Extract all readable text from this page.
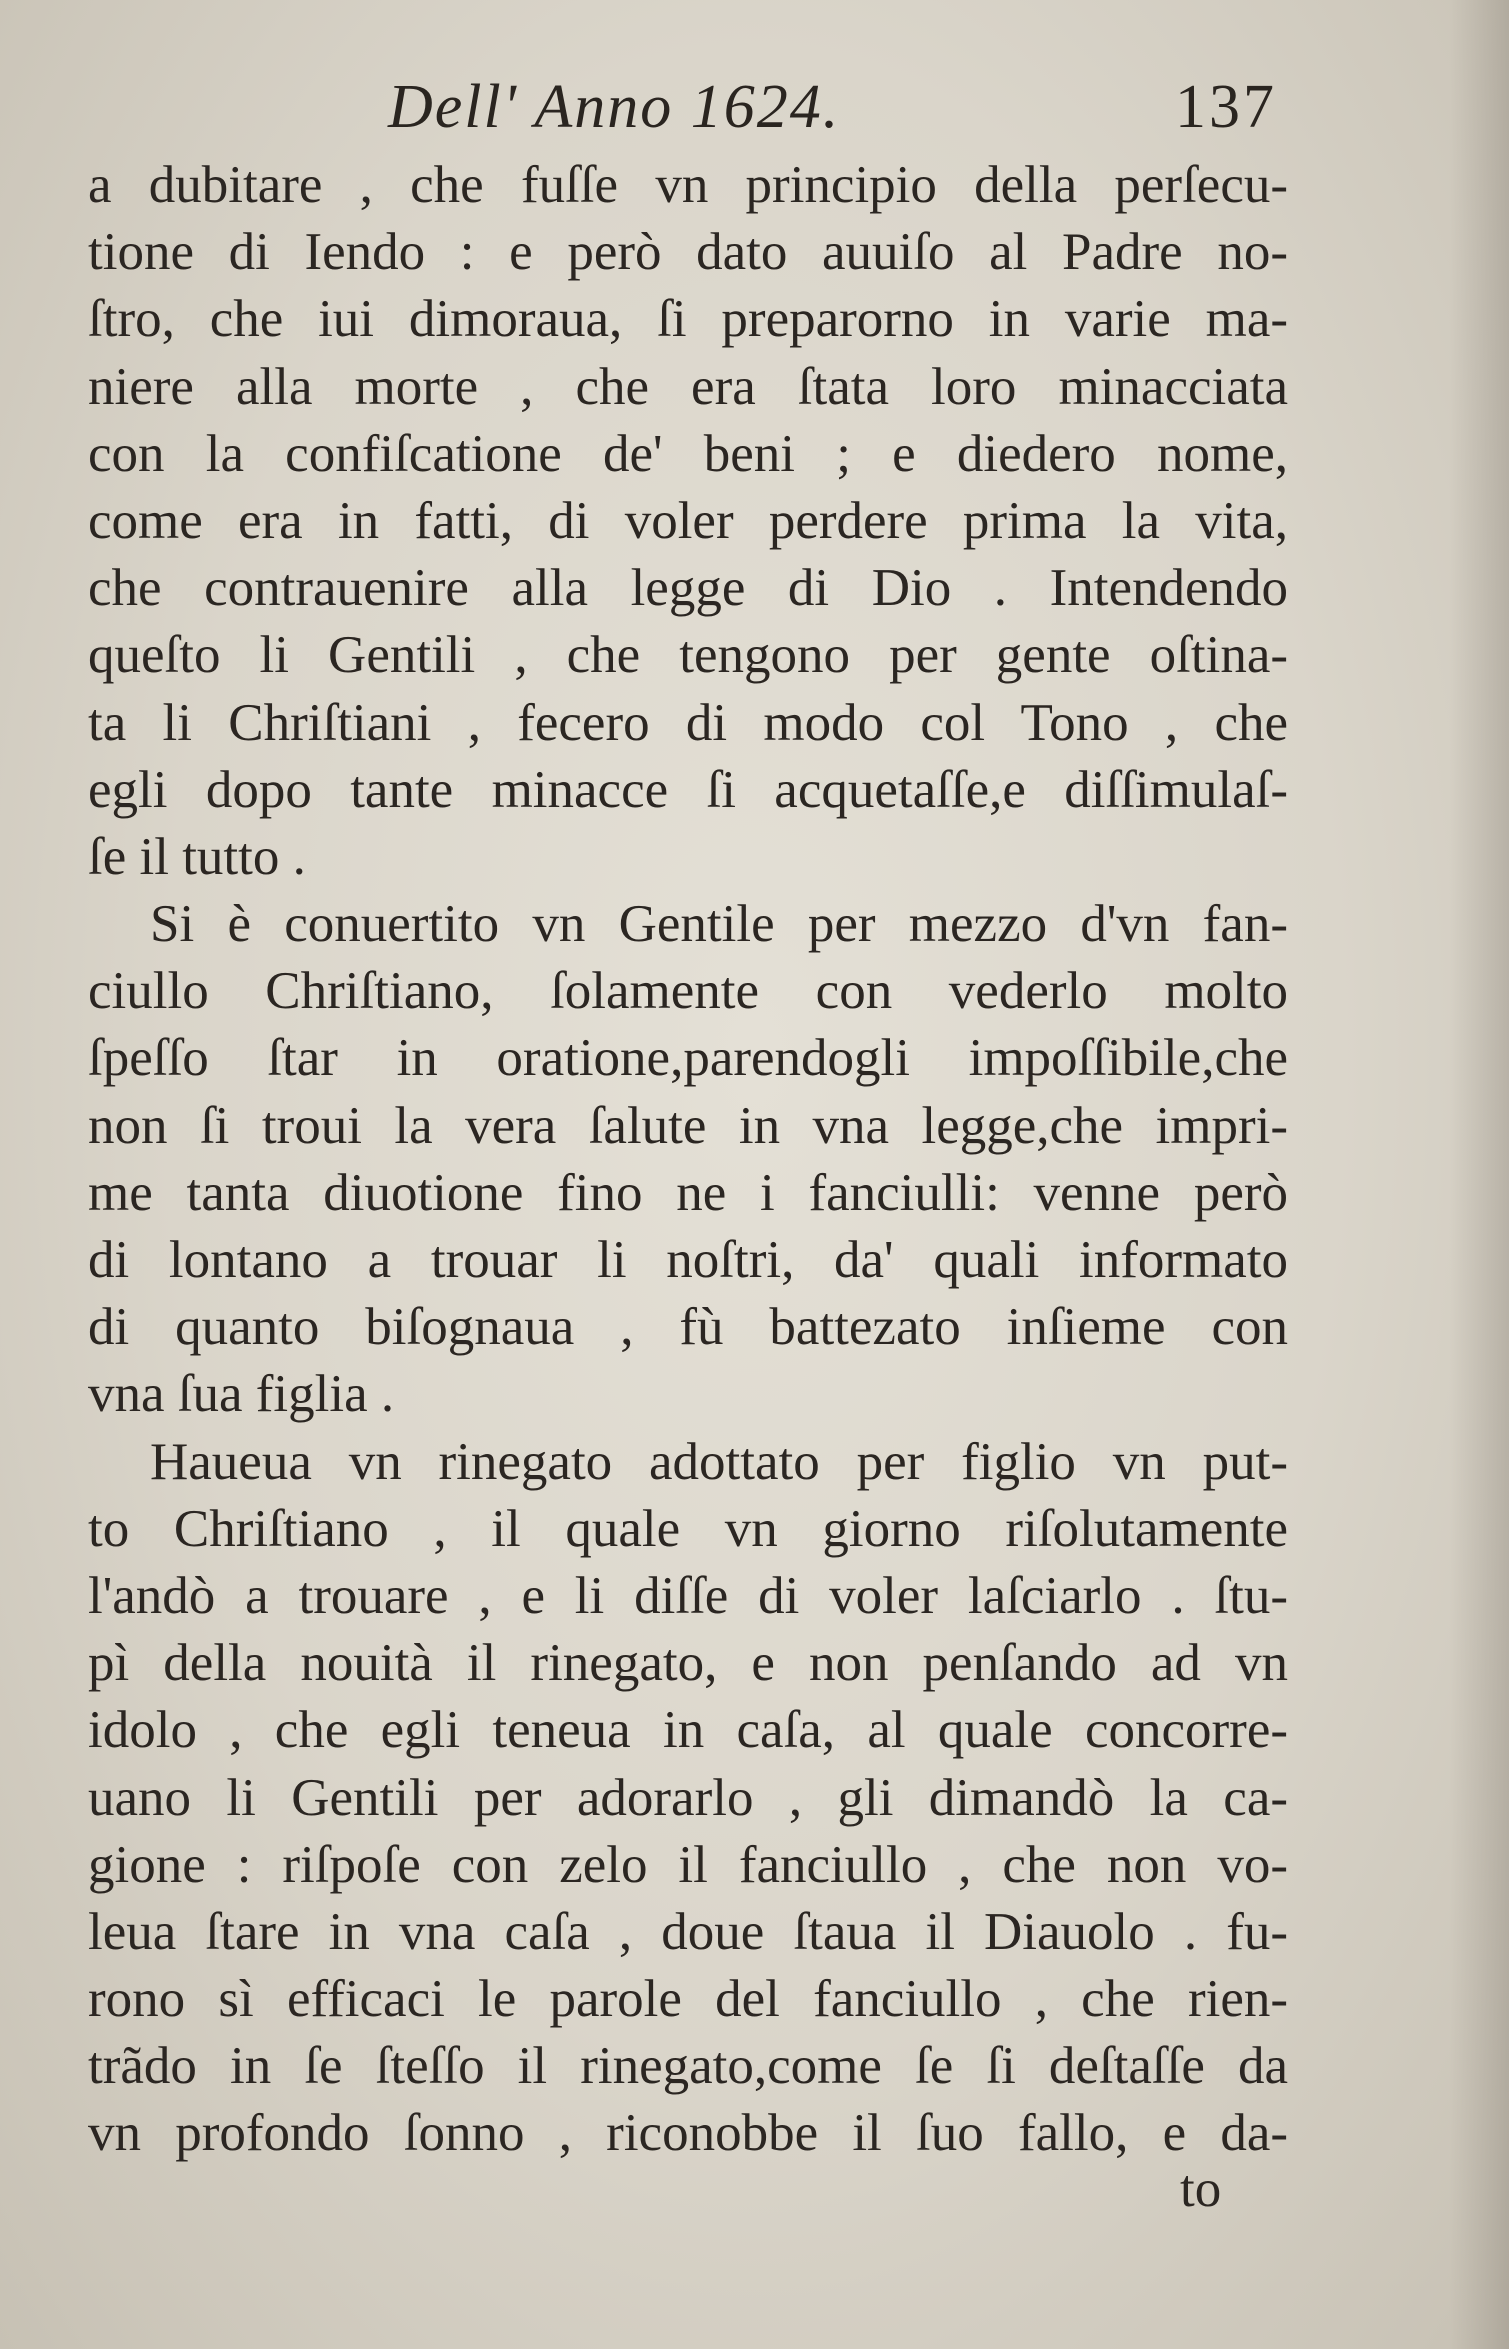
Dell' Anno 1624.	137
a dubitare , che fuſſe vn principio della perſecu-
tione di Iendo : e però dato auuiſo al Padre no-
ſtro, che iui dimoraua, ſi preparorno in varie ma-
niere alla morte , che era ſtata loro minacciata
con la confiſcatione de' beni ; e diedero nome,
come era in fatti, di voler perdere prima la vita,
che contrauenire alla legge di Dio . Intendendo
queſto li Gentili , che tengono per gente oſtina-
ta li Chriſtiani , fecero di modo col Tono , che
egli dopo tante minacce ſi acquetaſſe,e diſſimulaſ-
ſe il tutto .
Si è conuertito vn Gentile per mezzo d'vn fan-
ciullo Chriſtiano, ſolamente con vederlo molto
ſpeſſo ſtar in oratione,parendogli impoſſibile,che
non ſi troui la vera ſalute in vna legge,che impri-
me tanta diuotione fino ne i fanciulli: venne però
di lontano a trouar li noſtri, da' quali informato
di quanto biſognaua , fù battezato inſieme con
vna ſua figlia .
Haueua vn rinegato adottato per figlio vn put-
to Chriſtiano , il quale vn giorno riſolutamente
l'andò a trouare , e li diſſe di voler laſciarlo . ſtu-
pì della nouità il rinegato, e non penſando ad vn
idolo , che egli teneua in caſa, al quale concorre-
uano li Gentili per adorarlo , gli dimandò la ca-
gione : riſpoſe con zelo il fanciullo , che non vo-
leua ſtare in vna caſa , doue ſtaua il Diauolo . fu-
rono sì efficaci le parole del fanciullo , che rien-
trãdo in ſe ſteſſo il rinegato,come ſe ſi deſtaſſe da
vn profondo ſonno , riconobbe il ſuo fallo, e da-
to
